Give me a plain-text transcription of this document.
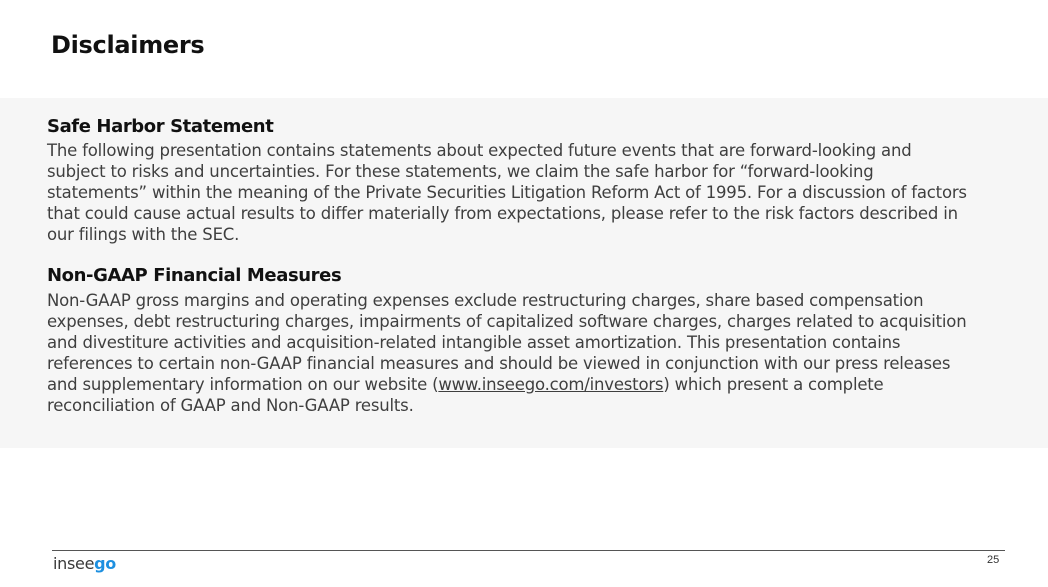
Disclaimers
Safe Harbor Statement

The following presentation contains statements about expected future events that are forward-looking and subject to risks and uncertainties. For these statements, we claim the safe harbor for “forward-looking statements” within the meaning of the Private Securities Litigation Reform Act of 1995. For a discussion of factors that could cause actual results to differ materially from expectations, please refer to the risk factors described in our filings with the SEC.

Non-GAAP Financial Measures

Non-GAAP gross margins and operating expenses exclude restructuring charges, share based compensation expenses, debt restructuring charges, impairments of capitalized software charges, charges related to acquisition and divestiture activities and acquisition-related intangible asset amortization. This presentation contains references to certain non-GAAP financial measures and should be viewed in conjunction with our press releases and supplementary information on our website (www.inseego.com/investors) which present a complete reconciliation of GAAP and Non-GAAP results.

inseego	25
